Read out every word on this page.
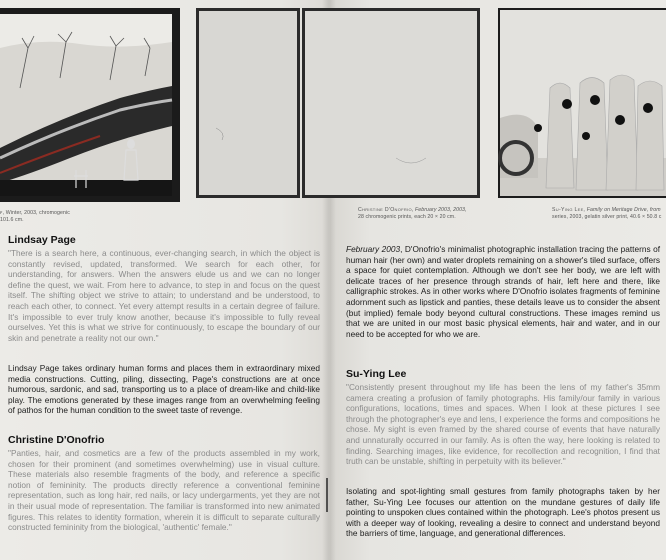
ꜰ, Winter, 2003, chromogenic
101.6 cm.
Christine D'Onofrio, February 2003, 2003,
28 chromogenic prints, each 20 × 20 cm.
Su-Ying Lee, Family on Meritage Drive, from
series, 2003, gelatin silver print, 40.6 × 50.8 c
Lindsay Page

"There is a search here, a continuous, ever-changing search, in which the object is constantly revised, updated, transformed. We search for each other, for understanding, for answers. When the answers elude us and we can no longer define the quest, we wait. From here to advance, to step in and focus on the quest itself. The shifting object we strive to attain; to understand and be understood, to reach each other, to connect. Yet every attempt results in a certain degree of failure. It's impossible to ever truly know another, because it's impossible to fully reveal ourselves. Yet this is what we strive for continuously, to escape the boundary of our skin and penetrate a reality not our own."

Lindsay Page takes ordinary human forms and places them in extraordinary mixed media constructions. Cutting, piling, dissecting, Page's constructions are at once humorous, sardonic, and sad, transporting us to a place of dream-like and child-like play. The emotions generated by these images range from an overwhelming feeling of pathos for the human condition to the sweet taste of revenge.

Christine D'Onofrio

"Panties, hair, and cosmetics are a few of the products assembled in my work, chosen for their prominent (and sometimes overwhelming) use in visual culture. These materials also resemble fragments of the body, and reference a specific notion of femininity. The products directly reference a conventional feminine representation, such as long hair, red nails, or lacy undergarments, yet they are not in their usual mode of representation. The familiar is transformed into new animated figures. This relates to identity formation, wherein it is difficult to separate culturally constructed femininity from the biological, 'authentic' female."

February 2003, D'Onofrio's minimalist photographic installation tracing the patterns of human hair (her own) and water droplets remaining on a shower's tiled surface, offers a space for quiet contemplation. Although we don't see her body, we are left with delicate traces of her presence through strands of hair, left here and there, like calligraphic strokes. As in other works where D'Onofrio isolates fragments of feminine adornment such as lipstick and panties, these details leave us to consider the absent (but implied) female body beyond cultural constructions. These images remind us that we are united in our most basic physical elements, hair and water, and in our need to be accepted for who we are.

Su-Ying Lee

"Consistently present throughout my life has been the lens of my father's 35mm camera creating a profusion of family photographs. His family/our family in various configurations, locations, times and spaces. When I look at these pictures I see through the photographer's eye and lens, I experience the forms and compositions he chose. My sight is even framed by the shared course of events that have naturally and unnaturally occurred in our family. As is often the way, here looking is related to finding. Searching images, like evidence, for recollection and recognition, I find that truth can be unstable, shifting in perpetuity with its believer."

Isolating and spot-lighting small gestures from family photographs taken by her father, Su-Ying Lee focuses our attention on the mundane gestures of daily life pointing to unspoken clues contained within the photograph. Lee's photos present us with a deeper way of looking, revealing a desire to connect and understand beyond the barriers of time, language, and generational differences.
